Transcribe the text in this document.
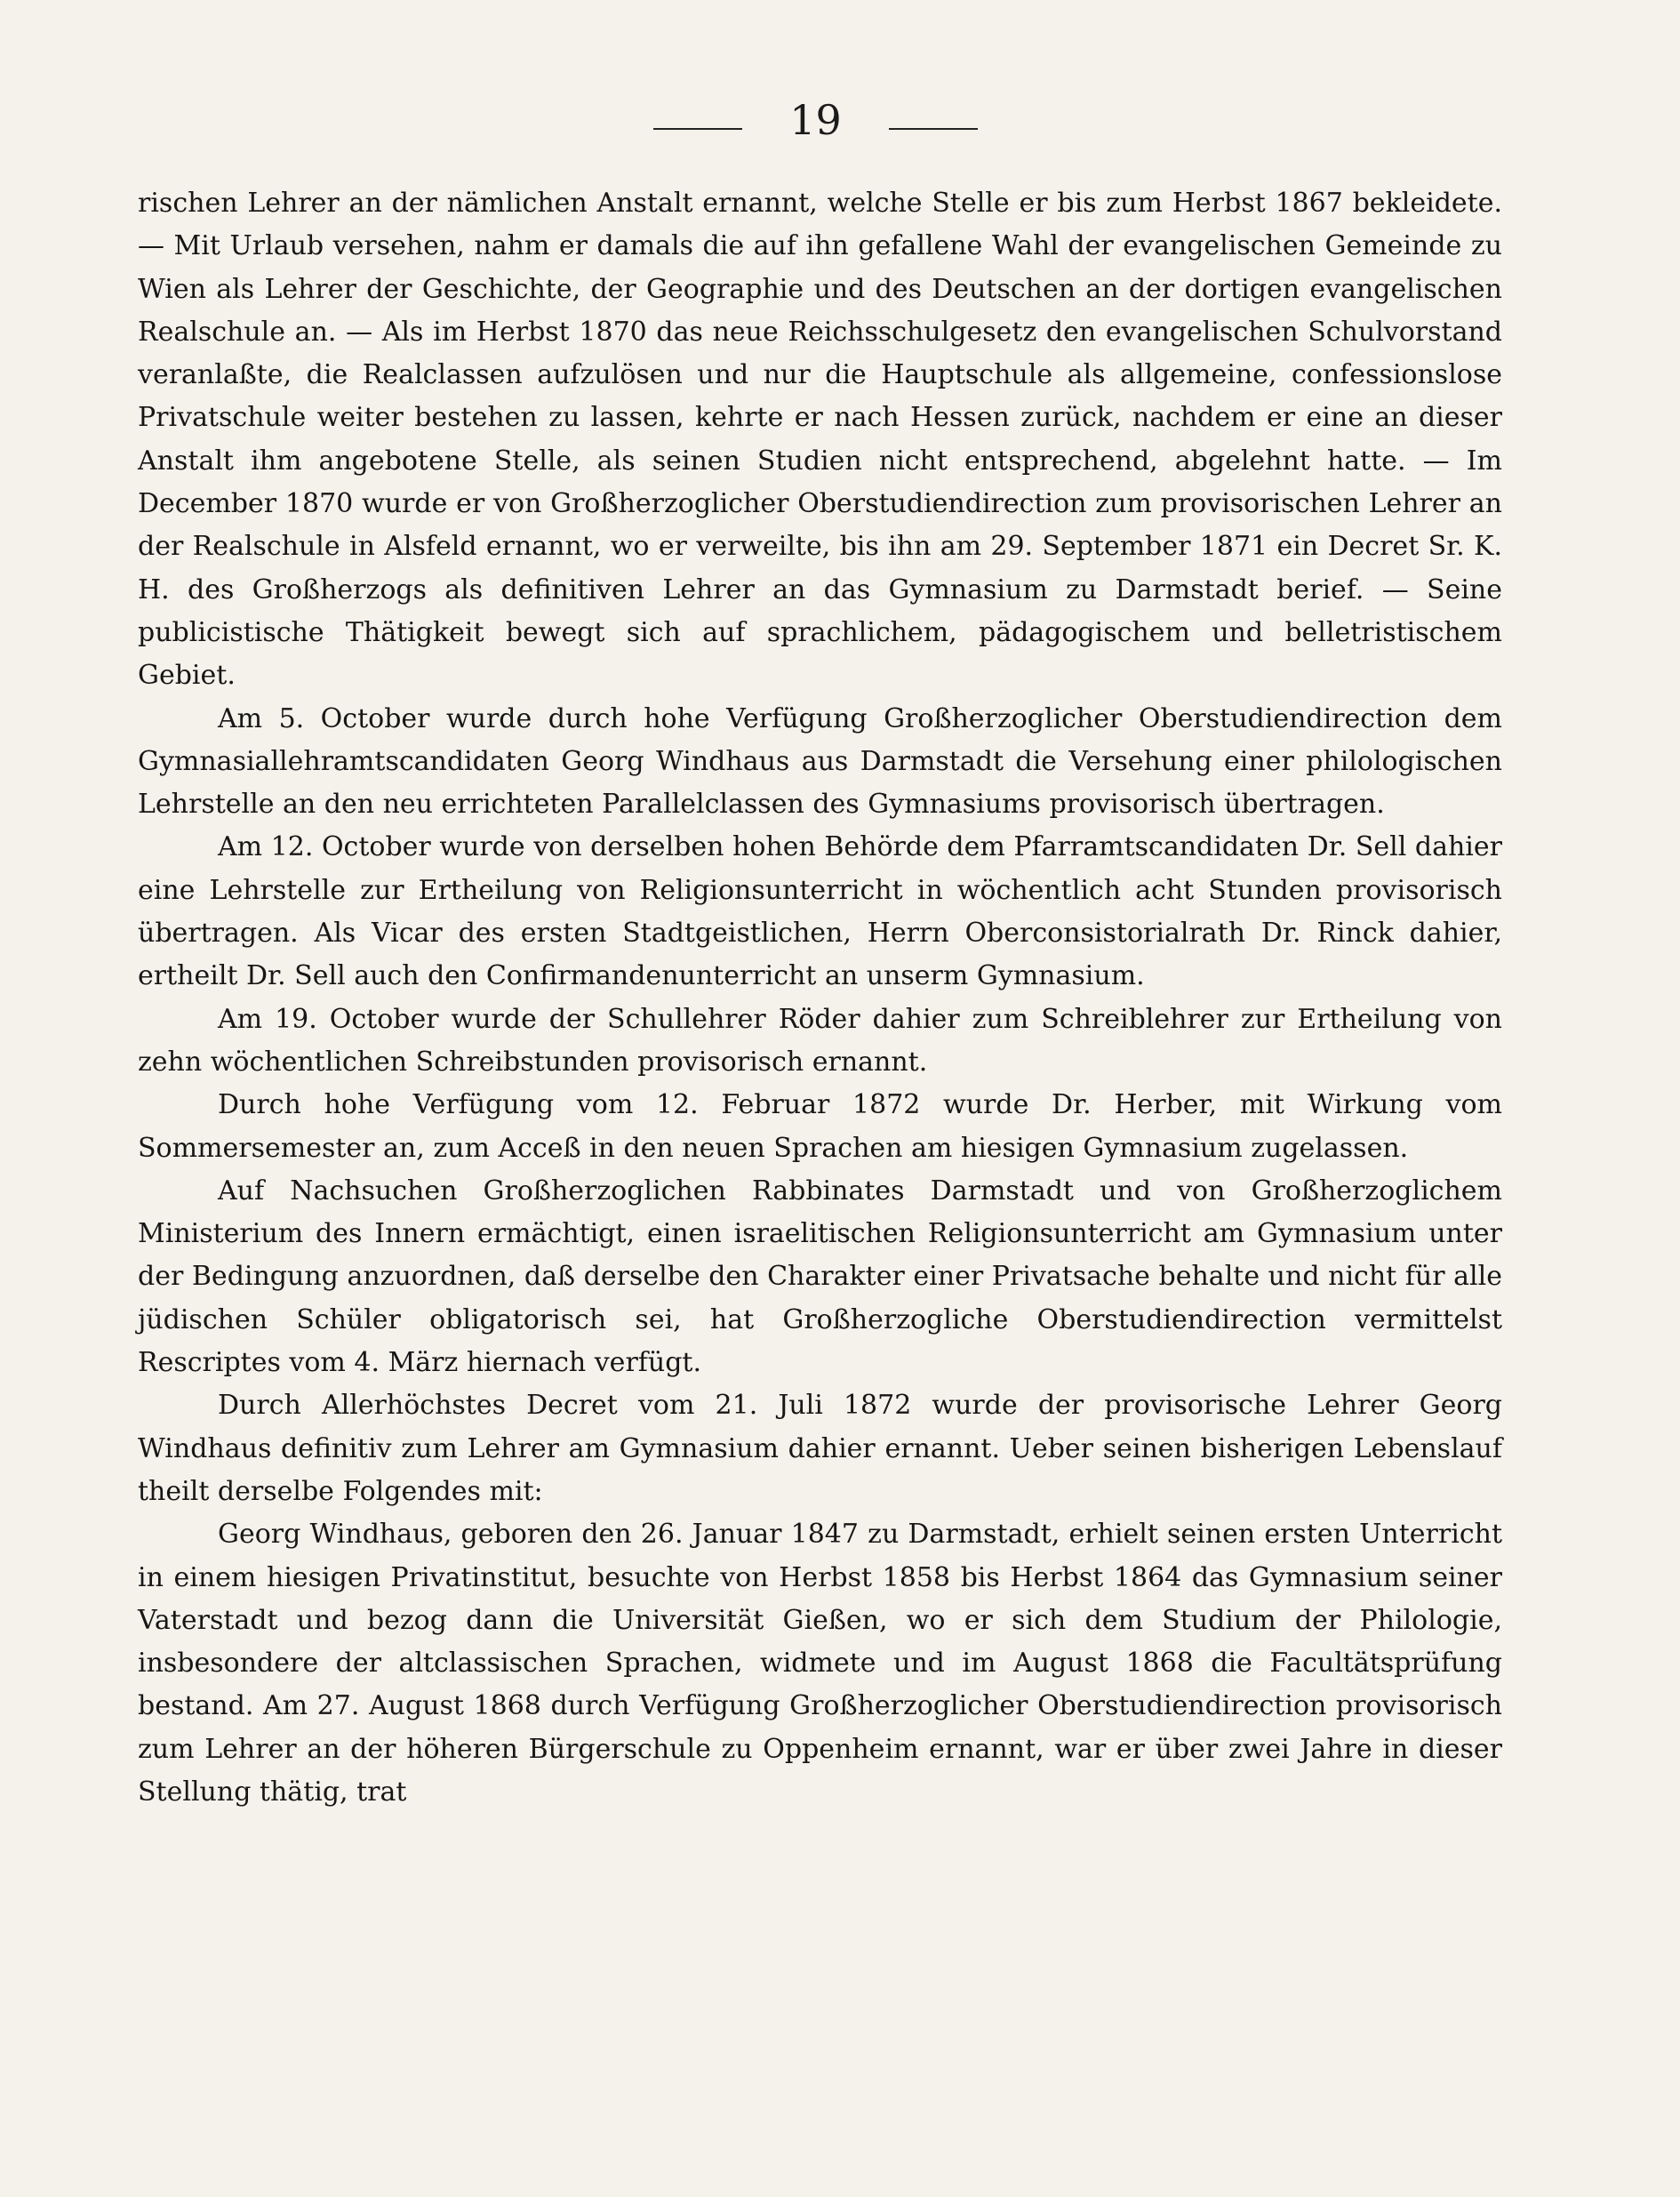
19

rischen Lehrer an der nämlichen Anstalt ernannt, welche Stelle er bis zum Herbst 1867 bekleidete. — Mit Urlaub versehen, nahm er damals die auf ihn gefallene Wahl der evangelischen Gemeinde zu Wien als Lehrer der Geschichte, der Geographie und des Deutschen an der dortigen evangelischen Realschule an. — Als im Herbst 1870 das neue Reichsschulgesetz den evangelischen Schulvorstand veranlaßte, die Realclassen aufzulösen und nur die Hauptschule als allgemeine, confessionslose Privatschule weiter bestehen zu lassen, kehrte er nach Hessen zurück, nachdem er eine an dieser Anstalt ihm angebotene Stelle, als seinen Studien nicht entsprechend, abgelehnt hatte. — Im December 1870 wurde er von Großherzoglicher Oberstudiendirection zum provisorischen Lehrer an der Realschule in Alsfeld ernannt, wo er verweilte, bis ihn am 29. September 1871 ein Decret Sr. K. H. des Großherzogs als definitiven Lehrer an das Gymnasium zu Darmstadt berief. — Seine publicistische Thätigkeit bewegt sich auf sprachlichem, pädagogischem und belletristischem Gebiet.

Am 5. October wurde durch hohe Verfügung Großherzoglicher Oberstudiendirection dem Gymnasiallehramtscandidaten Georg Windhaus aus Darmstadt die Versehung einer philologischen Lehrstelle an den neu errichteten Parallelclassen des Gymnasiums provisorisch übertragen.

Am 12. October wurde von derselben hohen Behörde dem Pfarramtscandidaten Dr. Sell dahier eine Lehrstelle zur Ertheilung von Religionsunterricht in wöchentlich acht Stunden provisorisch übertragen. Als Vicar des ersten Stadtgeistlichen, Herrn Oberconsistorialrath Dr. Rinck dahier, ertheilt Dr. Sell auch den Confirmandenunterricht an unserm Gymnasium.

Am 19. October wurde der Schullehrer Röder dahier zum Schreiblehrer zur Ertheilung von zehn wöchentlichen Schreibstunden provisorisch ernannt.

Durch hohe Verfügung vom 12. Februar 1872 wurde Dr. Herber, mit Wirkung vom Sommersemester an, zum Acceß in den neuen Sprachen am hiesigen Gymnasium zugelassen.

Auf Nachsuchen Großherzoglichen Rabbinates Darmstadt und von Großherzoglichem Ministerium des Innern ermächtigt, einen israelitischen Religionsunterricht am Gymnasium unter der Bedingung anzuordnen, daß derselbe den Charakter einer Privatsache behalte und nicht für alle jüdischen Schüler obligatorisch sei, hat Großherzogliche Oberstudiendirection vermittelst Rescriptes vom 4. März hiernach verfügt.

Durch Allerhöchstes Decret vom 21. Juli 1872 wurde der provisorische Lehrer Georg Windhaus definitiv zum Lehrer am Gymnasium dahier ernannt. Ueber seinen bisherigen Lebenslauf theilt derselbe Folgendes mit:

Georg Windhaus, geboren den 26. Januar 1847 zu Darmstadt, erhielt seinen ersten Unterricht in einem hiesigen Privatinstitut, besuchte von Herbst 1858 bis Herbst 1864 das Gymnasium seiner Vaterstadt und bezog dann die Universität Gießen, wo er sich dem Studium der Philologie, insbesondere der altclassischen Sprachen, widmete und im August 1868 die Facultätsprüfung bestand. Am 27. August 1868 durch Verfügung Großherzoglicher Oberstudiendirection provisorisch zum Lehrer an der höheren Bürgerschule zu Oppenheim ernannt, war er über zwei Jahre in dieser Stellung thätig, trat
